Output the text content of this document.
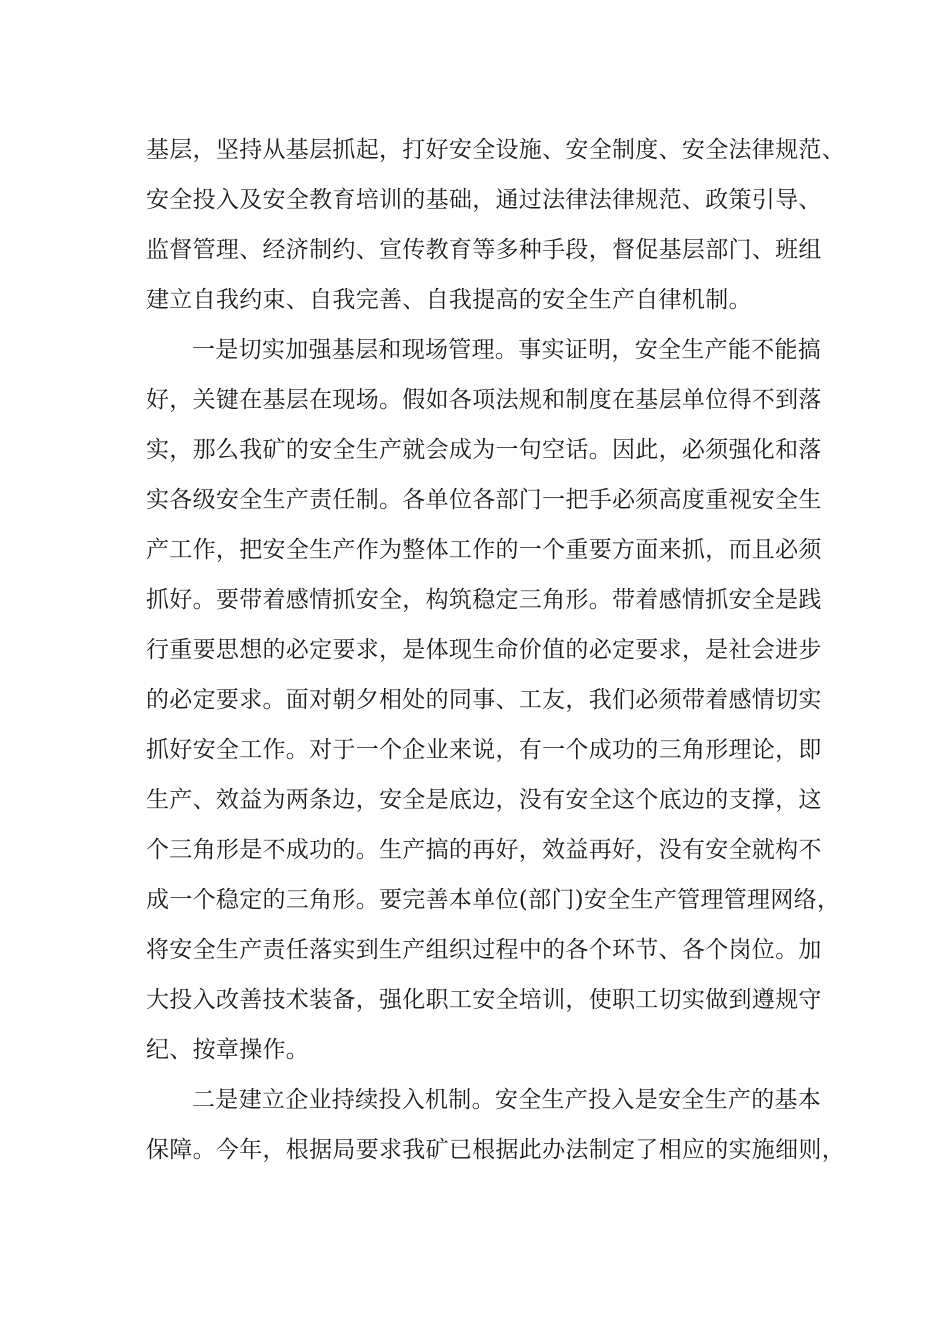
基层，坚持从基层抓起，打好安全设施、安全制度、安全法律规范、
安全投入及安全教育培训的基础，通过法律法律规范、政策引导、
监督管理、经济制约、宣传教育等多种手段，督促基层部门、班组
建立自我约束、自我完善、自我提高的安全生产自律机制。
一是切实加强基层和现场管理。事实证明，安全生产能不能搞
好，关键在基层在现场。假如各项法规和制度在基层单位得不到落
实，那么我矿的安全生产就会成为一句空话。因此，必须强化和落
实各级安全生产责任制。各单位各部门一把手必须高度重视安全生
产工作，把安全生产作为整体工作的一个重要方面来抓，而且必须
抓好。要带着感情抓安全，构筑稳定三角形。带着感情抓安全是践
行重要思想的必定要求，是体现生命价值的必定要求，是社会进步
的必定要求。面对朝夕相处的同事、工友，我们必须带着感情切实
抓好安全工作。对于一个企业来说，有一个成功的三角形理论，即
生产、效益为两条边，安全是底边，没有安全这个底边的支撑，这
个三角形是不成功的。生产搞的再好，效益再好，没有安全就构不
成一个稳定的三角形。要完善本单位(部门)安全生产管理管理网络，
将安全生产责任落实到生产组织过程中的各个环节、各个岗位。加
大投入改善技术装备，强化职工安全培训，使职工切实做到遵规守
纪、按章操作。
二是建立企业持续投入机制。安全生产投入是安全生产的基本
保障。今年，根据局要求我矿已根据此办法制定了相应的实施细则，
